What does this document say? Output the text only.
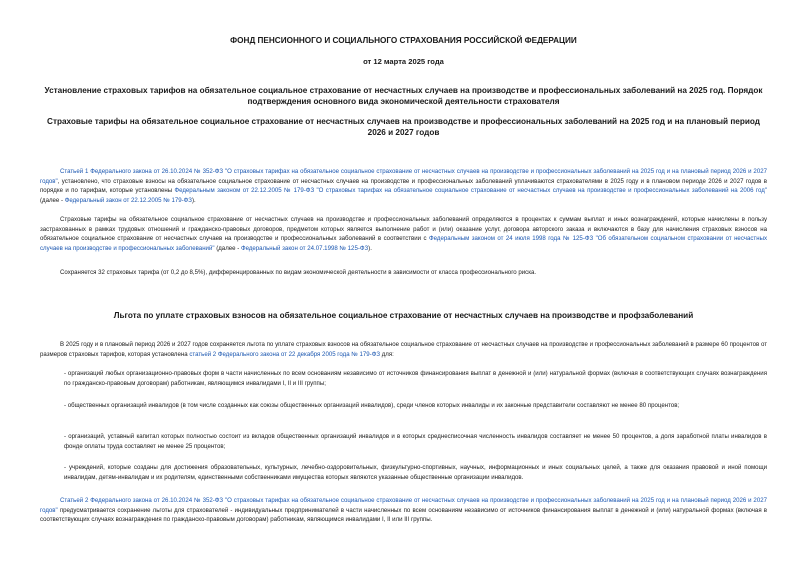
ФОНД ПЕНСИОННОГО И СОЦИАЛЬНОГО СТРАХОВАНИЯ РОССИЙСКОЙ ФЕДЕРАЦИИ
от 12 марта 2025 года
Установление страховых тарифов на обязательное социальное страхование от несчастных случаев на производстве и профессиональных заболеваний на 2025 год. Порядок подтверждения основного вида экономической деятельности страхователя
Страховые тарифы на обязательное социальное страхование от несчастных случаев на производстве и профессиональных заболеваний на 2025 год и на плановый период 2026 и 2027 годов

Статьей 1 Федерального закона от 26.10.2024 № 352-ФЗ "О страховых тарифах на обязательное социальное страхование от несчастных случаев на производстве и профессиональных заболеваний на 2025 год и на плановый период 2026 и 2027 годов", установлено, что страховые взносы на обязательное социальное страхование от несчастных случаев на производстве и профессиональных заболеваний уплачиваются страхователями в 2025 году и в плановом периоде 2026 и 2027 годов в порядке и по тарифам, которые установлены Федеральным законом от 22.12.2005 № 179-ФЗ "О страховых тарифах на обязательное социальное страхование от несчастных случаев на производстве и профессиональных заболеваний на 2006 год" (далее - Федеральный закон от 22.12.2005 № 179-ФЗ).

Страховые тарифы на обязательное социальное страхование от несчастных случаев на производстве и профессиональных заболеваний определяются в процентах к суммам выплат и иных вознаграждений, которые начислены в пользу застрахованных в рамках трудовых отношений и гражданско-правовых договоров, предметом которых является выполнение работ и (или) оказание услуг, договора авторского заказа и включаются в базу для начисления страховых взносов на обязательное социальное страхование от несчастных случаев на производстве и профессиональных заболеваний в соответствии с Федеральным законом от 24 июля 1998 года № 125-ФЗ "Об обязательном социальном страховании от несчастных случаев на производстве и профессиональных заболеваний" (далее - Федеральный закон от 24.07.1998 № 125-ФЗ).

Сохраняется 32 страховых тарифа (от 0,2 до 8,5%), дифференцированных по видам экономической деятельности в зависимости от класса профессионального риска.

Льгота по уплате страховых взносов на обязательное социальное страхование от несчастных случаев на производстве и профзаболеваний

В 2025 году и в плановый период 2026 и 2027 годов сохраняется льгота по уплате страховых взносов на обязательное социальное страхование от несчастных случаев на производстве и профессиональных заболеваний в размере 60 процентов от размеров страховых тарифов, которая установлена статьей 2 Федерального закона от 22 декабря 2005 года № 179-ФЗ для:

- организаций любых организационно-правовых форм в части начисленных по всем основаниям независимо от источников финансирования выплат в денежной и (или) натуральной формах (включая в соответствующих случаях вознаграждения по гражданско-правовым договорам) работникам, являющимся инвалидами I, II и III группы;

- общественных организаций инвалидов (в том числе созданных как союзы общественных организаций инвалидов), среди членов которых инвалиды и их законные представители составляют не менее 80 процентов;

- организаций, уставный капитал которых полностью состоит из вкладов общественных организаций инвалидов и в которых среднесписочная численность инвалидов составляет не менее 50 процентов, а доля заработной платы инвалидов в фонде оплаты труда составляет не менее 25 процентов;

- учреждений, которые созданы для достижения образовательных, культурных, лечебно-оздоровительных, физкультурно-спортивных, научных, информационных и иных социальных целей, а также для оказания правовой и иной помощи инвалидам, детям-инвалидам и их родителям, единственными собственниками имущества которых являются указанные общественные организации инвалидов.

Статьей 2 Федерального закона от 26.10.2024 № 352-ФЗ "О страховых тарифах на обязательное социальное страхование от несчастных случаев на производстве и профессиональных заболеваний на 2025 год и на плановый период 2026 и 2027 годов" предусматривается сохранение льготы для страхователей - индивидуальных предпринимателей в части начисленных по всем основаниям независимо от источников финансирования выплат в денежной и (или) натуральной формах (включая в соответствующих случаях вознаграждения по гражданско-правовым договорам) работникам, являющимся инвалидами I, II или III группы.
